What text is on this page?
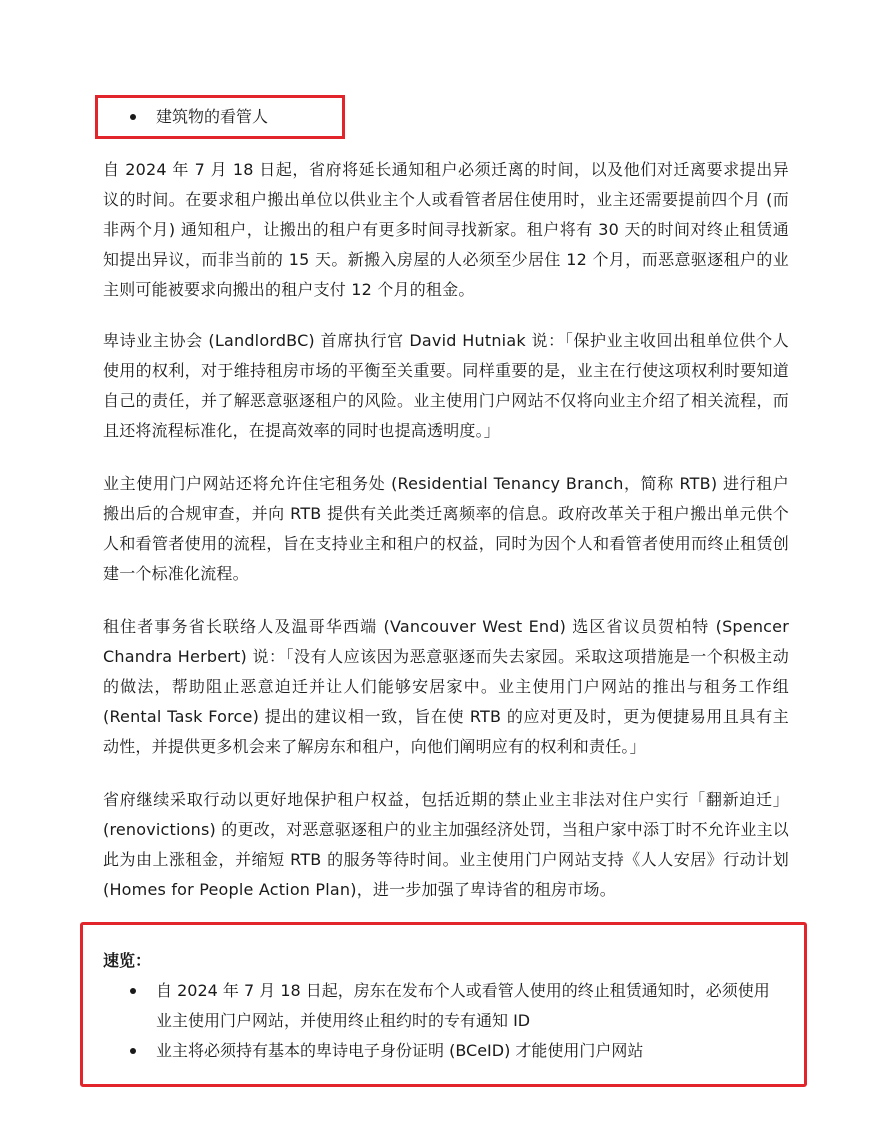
建筑物的看管人

自 2024 年 7 月 18 日起，省府将延长通知租户必须迁离的时间，以及他们对迁离要求提出异议的时间。在要求租户搬出单位以供业主个人或看管者居住使用时，业主还需要提前四个月 (而非两个月) 通知租户，让搬出的租户有更多时间寻找新家。租户将有 30 天的时间对终止租赁通知提出异议，而非当前的 15 天。新搬入房屋的人必须至少居住 12 个月，而恶意驱逐租户的业主则可能被要求向搬出的租户支付 12 个月的租金。

卑诗业主协会 (LandlordBC) 首席执行官 David Hutniak 说：「保护业主收回出租单位供个人使用的权利，对于维持租房市场的平衡至关重要。同样重要的是，业主在行使这项权利时要知道自己的责任，并了解恶意驱逐租户的风险。业主使用门户网站不仅将向业主介绍了相关流程，而且还将流程标准化，在提高效率的同时也提高透明度。」

业主使用门户网站还将允许住宅租务处 (Residential Tenancy Branch，简称 RTB) 进行租户搬出后的合规审查，并向 RTB 提供有关此类迁离频率的信息。政府改革关于租户搬出单元供个人和看管者使用的流程，旨在支持业主和租户的权益，同时为因个人和看管者使用而终止租赁创建一个标准化流程。

租住者事务省长联络人及温哥华西端 (Vancouver West End) 选区省议员贺柏特 (Spencer Chandra Herbert) 说：「没有人应该因为恶意驱逐而失去家园。采取这项措施是一个积极主动的做法，帮助阻止恶意迫迁并让人们能够安居家中。业主使用门户网站的推出与租务工作组 (Rental Task Force) 提出的建议相一致，旨在使 RTB 的应对更及时，更为便捷易用且具有主动性，并提供更多机会来了解房东和租户，向他们阐明应有的权利和责任。」

省府继续采取行动以更好地保护租户权益，包括近期的禁止业主非法对住户实行「翻新迫迁」(renovictions) 的更改，对恶意驱逐租户的业主加强经济处罚，当租户家中添丁时不允许业主以此为由上涨租金，并缩短 RTB 的服务等待时间。业主使用门户网站支持《人人安居》行动计划 (Homes for People Action Plan)，进一步加强了卑诗省的租房市场。

速览：
自 2024 年 7 月 18 日起，房东在发布个人或看管人使用的终止租赁通知时，必须使用业主使用门户网站，并使用终止租约时的专有通知 ID
业主将必须持有基本的卑诗电子身份证明 (BCeID) 才能使用门户网站
